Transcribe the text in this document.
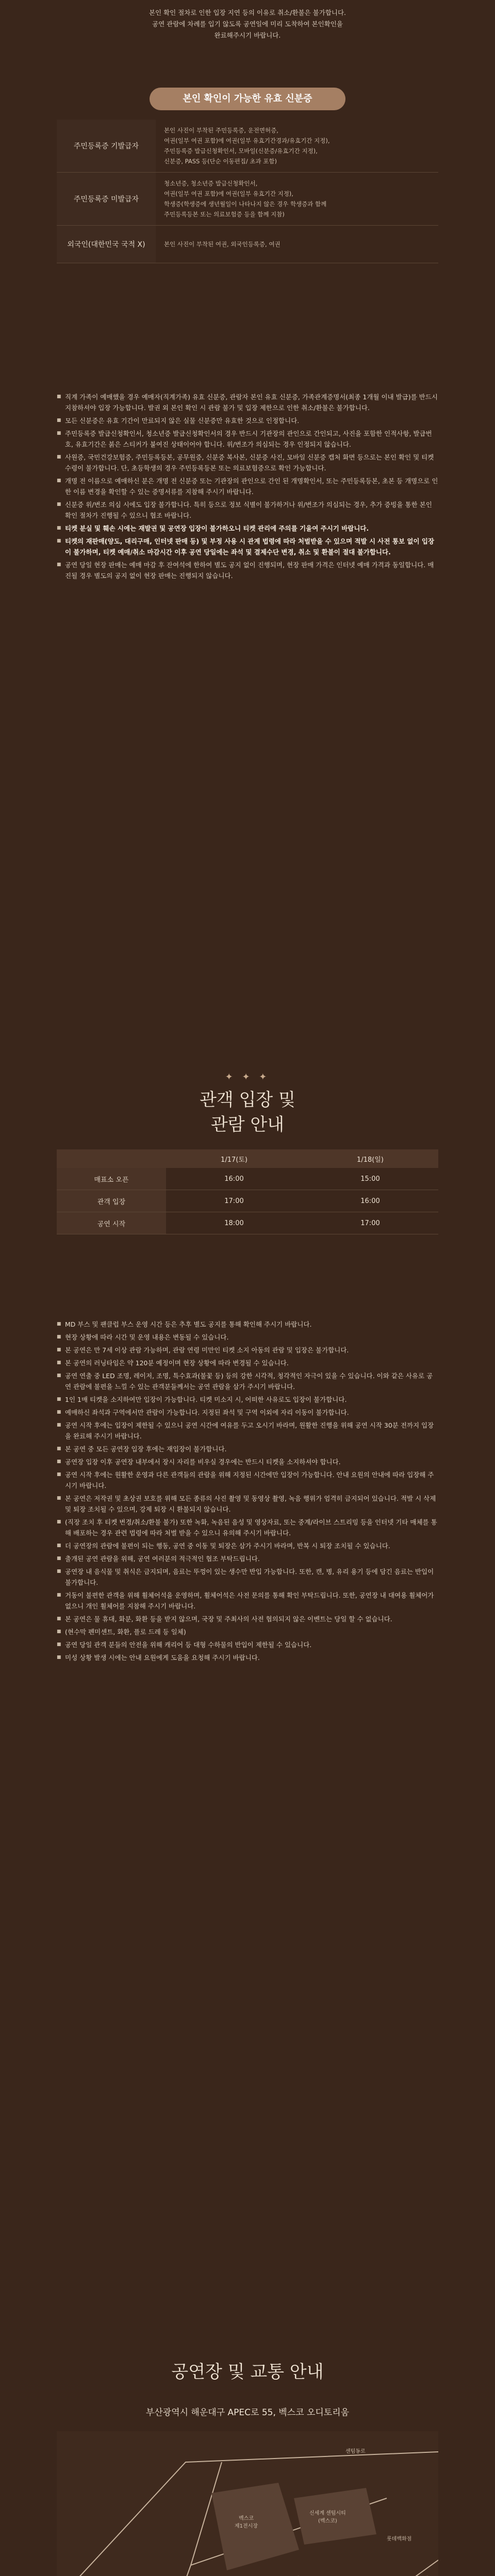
본인 확인 절차로 인한 입장 지연 등의 이유로 취소/환불은 불가합니다.
공연 관람에 차례를 입기 않도록 공연일에 미리 도착하여 본인확인을
완료해주시기 바랍니다.
본인 확인이 가능한 유효 신분증
주민등록증 기발급자	본인 사진이 부착된 주민등록증, 운전면허증,
여권(일부 여권 포함)에 여권(일부 유효기간경과/유효기간 지정),
주민등록증 발급신청확인서, 모바일(신분증/유효기간 지정),
신분증, PASS 등(단순 이동편집/ 초과 포함)

주민등록증 미발급자	청소년증, 청소년증 발급신청확인서,
여권(일부 여권 포함)에 여권(일부 유효기간 지정),
학생증(학생증에 생년월일이 나타나지 않은 경우 학생증과 함께
주민등록등본 또는 의료보험증 등을 함께 지참)

외국인(대한민국 국적 X)	본인 사진이 부착된 여권, 외국인등록증, 여권
■ 직계 가족이 예매했을 경우 예매자(직계가족) 유효 신분증, 관람자 본인 유효 신분증, 가족관계증명서(최종 1개월 이내 발급)를 반드시 지참하셔야 입장 가능합니다. 발권 외 본인 확인 시 관람 불가 및 입장 제한으로 인한 취소/환불은 불가합니다.
■ 모든 신분증은 유효 기간이 만료되지 않은 실물 신분증만 유효한 것으로 인정합니다.
■ 주민등록증 발급신청확인서, 청소년증 발급신청확인서의 경우 반드시 기관장의 관인으로 간인되고, 사진을 포함한 인적사항, 발급번호, 유효기간은 붉은 스티커가 붙여진 상태이어야 합니다. 위/변조가 의심되는 경우 인정되지 않습니다.
■ 사원증, 국민건강보험증, 주민등록등본, 공무원증, 신분증 복사본, 신분증 사진, 모바일 신분증 캡처 화면 등으로는 본인 확인 및 티켓 수령이 불가합니다. 단, 초등학생의 경우 주민등록등본 또는 의료보험증으로 확인 가능합니다.
■ 개명 전 이름으로 예매하신 분은 개명 전 신분증 또는 기관장의 관인으로 간인 된 개명확인서, 또는 주민등록등본, 초본 등 개명으로 인한 이름 변경을 확인할 수 있는 증명서류를 지참해 주시기 바랍니다.
■ 신분증 위/변조 의심 시에도 입장 불가합니다. 특히 등으로 정보 식별이 불가하거나 위/변조가 의심되는 경우, 추가 증빙을 통한 본인 확인 절차가 진행될 수 있으니 협조 바랍니다.
■ 티켓 분실 및 훼손 시에는 재발권 및 공연장 입장이 불가하오니 티켓 관리에 주의를 기울여 주시기 바랍니다.
■ 티켓의 재판매(양도, 대리구매, 인터넷 판매 등) 및 부정 사용 시 관계 법령에 따라 처벌받을 수 있으며 적발 시 사전 통보 없이 입장이 불가하며, 티켓 예매/취소 마감시간 이후 공연 당일에는 좌석 및 결제수단 변경, 취소 및 환불이 절대 불가합니다.
■ 공연 당일 현장 판매는 예매 마감 후 잔여석에 한하여 별도 공지 없이 진행되며, 현장 판매 가격은 인터넷 예매 가격과 동일합니다. 매진될 경우 별도의 공지 없이 현장 판매는 진행되지 않습니다.
✦ ✦ ✦
관객 입장 및
관람 안내
	1/17(토)	1/18(일)
매표소 오픈	16:00	15:00
관객 입장	17:00	16:00
공연 시작	18:00	17:00
■ MD 부스 및 팬클럽 부스 운영 시간 등은 추후 별도 공지를 통해 확인해 주시기 바랍니다.
■ 현장 상황에 따라 시간 및 운영 내용은 변동될 수 있습니다.
■ 본 공연은 만 7세 이상 관람 가능하며, 관람 연령 미만인 티켓 소지 아동의 관람 및 입장은 불가합니다.
■ 본 공연의 러닝타임은 약 120분 예정이며 현장 상황에 따라 변경될 수 있습니다.
■ 공연 연출 중 LED 조명, 레이저, 조명, 특수효과(불꽃 등) 등의 강한 시각적, 청각적인 자극이 있을 수 있습니다. 이와 같은 사유로 공연 관람에 불편을 느낄 수 있는 관객분들께서는 공연 관람을 삼가 주시기 바랍니다.
■ 1인 1매 티켓을 소지하여만 입장이 가능합니다. 티켓 미소지 시, 어떠한 사유로도 입장이 불가합니다.
■ 예매하신 좌석과 구역에서만 관람이 가능합니다. 지정된 좌석 및 구역 이외에 자리 이동이 불가합니다.
■ 공연 시작 후에는 입장이 제한될 수 있으니 공연 시간에 여유를 두고 오시기 바라며, 원활한 진행을 위해 공연 시작 30분 전까지 입장을 완료해 주시기 바랍니다.
■ 본 공연 중 모든 공연장 입장 후에는 재입장이 불가합니다.
■ 공연장 입장 이후 공연장 내부에서 장시 자리를 비우실 경우에는 반드시 티켓을 소지하셔야 합니다.
■ 공연 시작 후에는 원활한 운영과 다른 관객들의 관람을 위해 지정된 시간에만 입장이 가능합니다. 안내 요원의 안내에 따라 입장해 주시기 바랍니다.
■ 본 공연은 저작권 및 초상권 보호를 위해 모든 종류의 사진 촬영 및 동영상 촬영, 녹음 행위가 엄격히 금지되어 있습니다. 적발 시 삭제 및 퇴장 조치될 수 있으며, 강제 퇴장 시 환불되지 않습니다.
■ (직장 조치 후 티켓 변경/취소/환불 불가) 또한 녹화, 녹음된 음성 및 영상자료, 또는 중계/라이브 스트리밍 등을 인터넷 기타 매체를 통해 배포하는 경우 관련 법령에 따라 처벌 받을 수 있으니 유의해 주시기 바랍니다.
■ 더 공연장의 관람에 불편이 되는 행동, 공연 중 이동 및 퇴장은 삼가 주시기 바라며, 반복 시 퇴장 조치될 수 있습니다.
■ 출개된 공연 관람을 위해, 공연 여러분의 적극적인 협조 부탁드립니다.
■ 공연장 내 음식물 및 취식은 금지되며, 음료는 뚜껑이 있는 생수만 반입 가능합니다. 또한, 캔, 병, 유리 용기 등에 담긴 음료는 반입이 불가합니다.
■ 거동이 불편한 관객을 위해 휠체어석을 운영하며, 휠체어석은 사전 문의를 통해 확인 부탁드립니다. 또한, 공연장 내 대여용 휠체어가 없으니 개인 휠체어를 지참해 주시기 바랍니다.
■ 본 공연은 물 휴대, 화분, 화환 등을 받지 않으며, 국장 및 주최사의 사전 협의되지 않은 이벤트는 당일 할 수 없습니다.
■ (현수막 펜미센트, 화환, 플로 드레 등 일체)
■ 공연 당일 관객 분들의 안전을 위해 캐리어 등 대형 수하물의 반입이 제한될 수 있습니다.
■ 미성 상황 발생 시에는 안내 요원에게 도움을 요청해 주시기 바랍니다.
공연장 및 교통 안내
부산광역시 해운대구 APEC로 55, 벡스코 오디토리움
벡스코
제1전시장
신세계 센텀시티
(벡스코)
롯데백화점
센텀동로
